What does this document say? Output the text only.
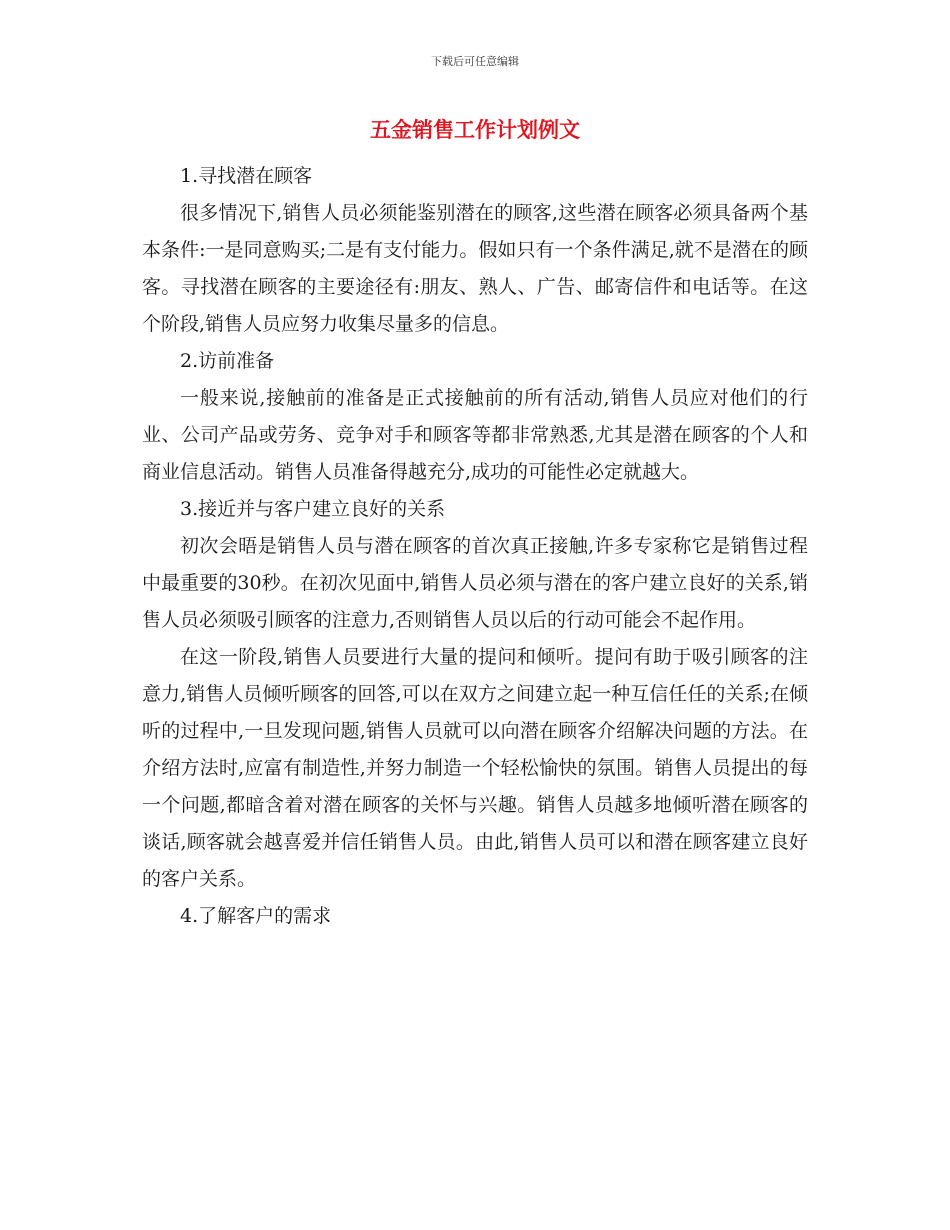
下载后可任意编辑
五金销售工作计划例文

1.寻找潜在顾客

很多情况下,销售人员必须能鉴别潜在的顾客,这些潜在顾客必须具备两个基本条件:一是同意购买;二是有支付能力。假如只有一个条件满足,就不是潜在的顾客。寻找潜在顾客的主要途径有:朋友、熟人、广告、邮寄信件和电话等。在这个阶段,销售人员应努力收集尽量多的信息。

2.访前准备

一般来说,接触前的准备是正式接触前的所有活动,销售人员应对他们的行业、公司产品或劳务、竞争对手和顾客等都非常熟悉,尤其是潜在顾客的个人和商业信息活动。销售人员准备得越充分,成功的可能性必定就越大。

3.接近并与客户建立良好的关系

初次会晤是销售人员与潜在顾客的首次真正接触,许多专家称它是销售过程中最重要的30秒。在初次见面中,销售人员必须与潜在的客户建立良好的关系,销售人员必须吸引顾客的注意力,否则销售人员以后的行动可能会不起作用。

在这一阶段,销售人员要进行大量的提问和倾听。提问有助于吸引顾客的注意力,销售人员倾听顾客的回答,可以在双方之间建立起一种互信任任的关系;在倾听的过程中,一旦发现问题,销售人员就可以向潜在顾客介绍解决问题的方法。在介绍方法时,应富有制造性,并努力制造一个轻松愉快的氛围。销售人员提出的每一个问题,都暗含着对潜在顾客的关怀与兴趣。销售人员越多地倾听潜在顾客的谈话,顾客就会越喜爱并信任销售人员。由此,销售人员可以和潜在顾客建立良好的客户关系。

4.了解客户的需求
